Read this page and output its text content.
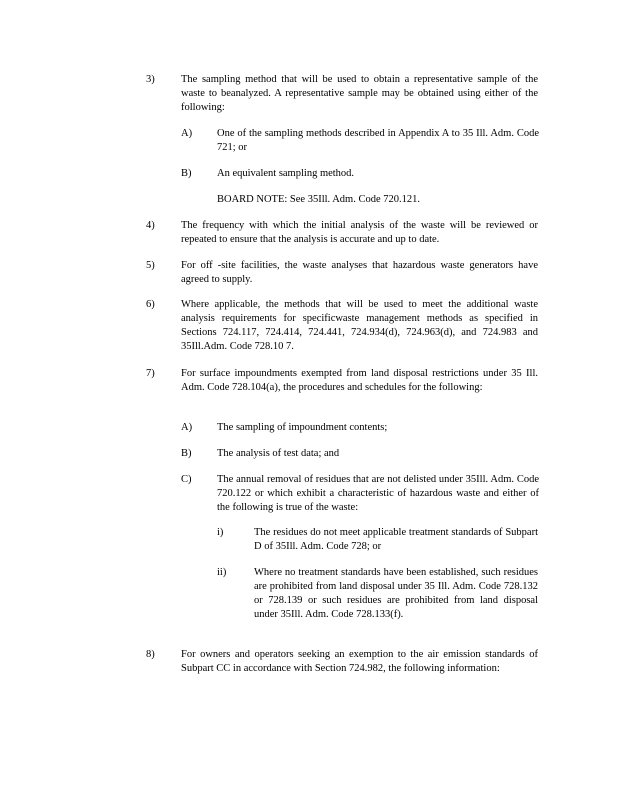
3)	The sampling method that will be used to obtain a representative sample of the waste to beanalyzed. A representative sample may be obtained using either of the following:
A) One of the sampling methods described in Appendix A to 35 Ill. Adm. Code 721; or
B) An equivalent sampling method.
BOARD NOTE: See 35Ill. Adm. Code 720.121.
4)	The frequency with which the initial analysis of the waste will be reviewed or repeated to ensure that the analysis is accurate and up to date.
5)	For off -site facilities, the waste analyses that hazardous waste generators have agreed to supply.
6)	Where applicable, the methods that will be used to meet the additional waste analysis requirements for specificwaste management methods as specified in Sections 724.117, 724.414, 724.441, 724.934(d), 724.963(d), and 724.983 and 35Ill.Adm. Code 728.10 7.
7)	For surface impoundments exempted from land disposal restrictions under 35 Ill. Adm. Code 728.104(a), the procedures and schedules for the following:
A) The sampling of impoundment contents;
B) The analysis of test data; and
C) The annual removal of residues that are not delisted under 35Ill. Adm. Code 720.122 or which exhibit a characteristic of hazardous waste and either of the following is true of the waste:
i)	The residues do not meet applicable treatment standards of Subpart D of 35Ill. Adm. Code 728; or
ii)	Where no treatment standards have been established, such residues are prohibited from land disposal under 35 Ill. Adm. Code 728.132 or 728.139 or such residues are prohibited from land disposal under 35Ill. Adm. Code 728.133(f).
8)	For owners and operators seeking an exemption to the air emission standards of Subpart CC in accordance with Section 724.982, the following information:
